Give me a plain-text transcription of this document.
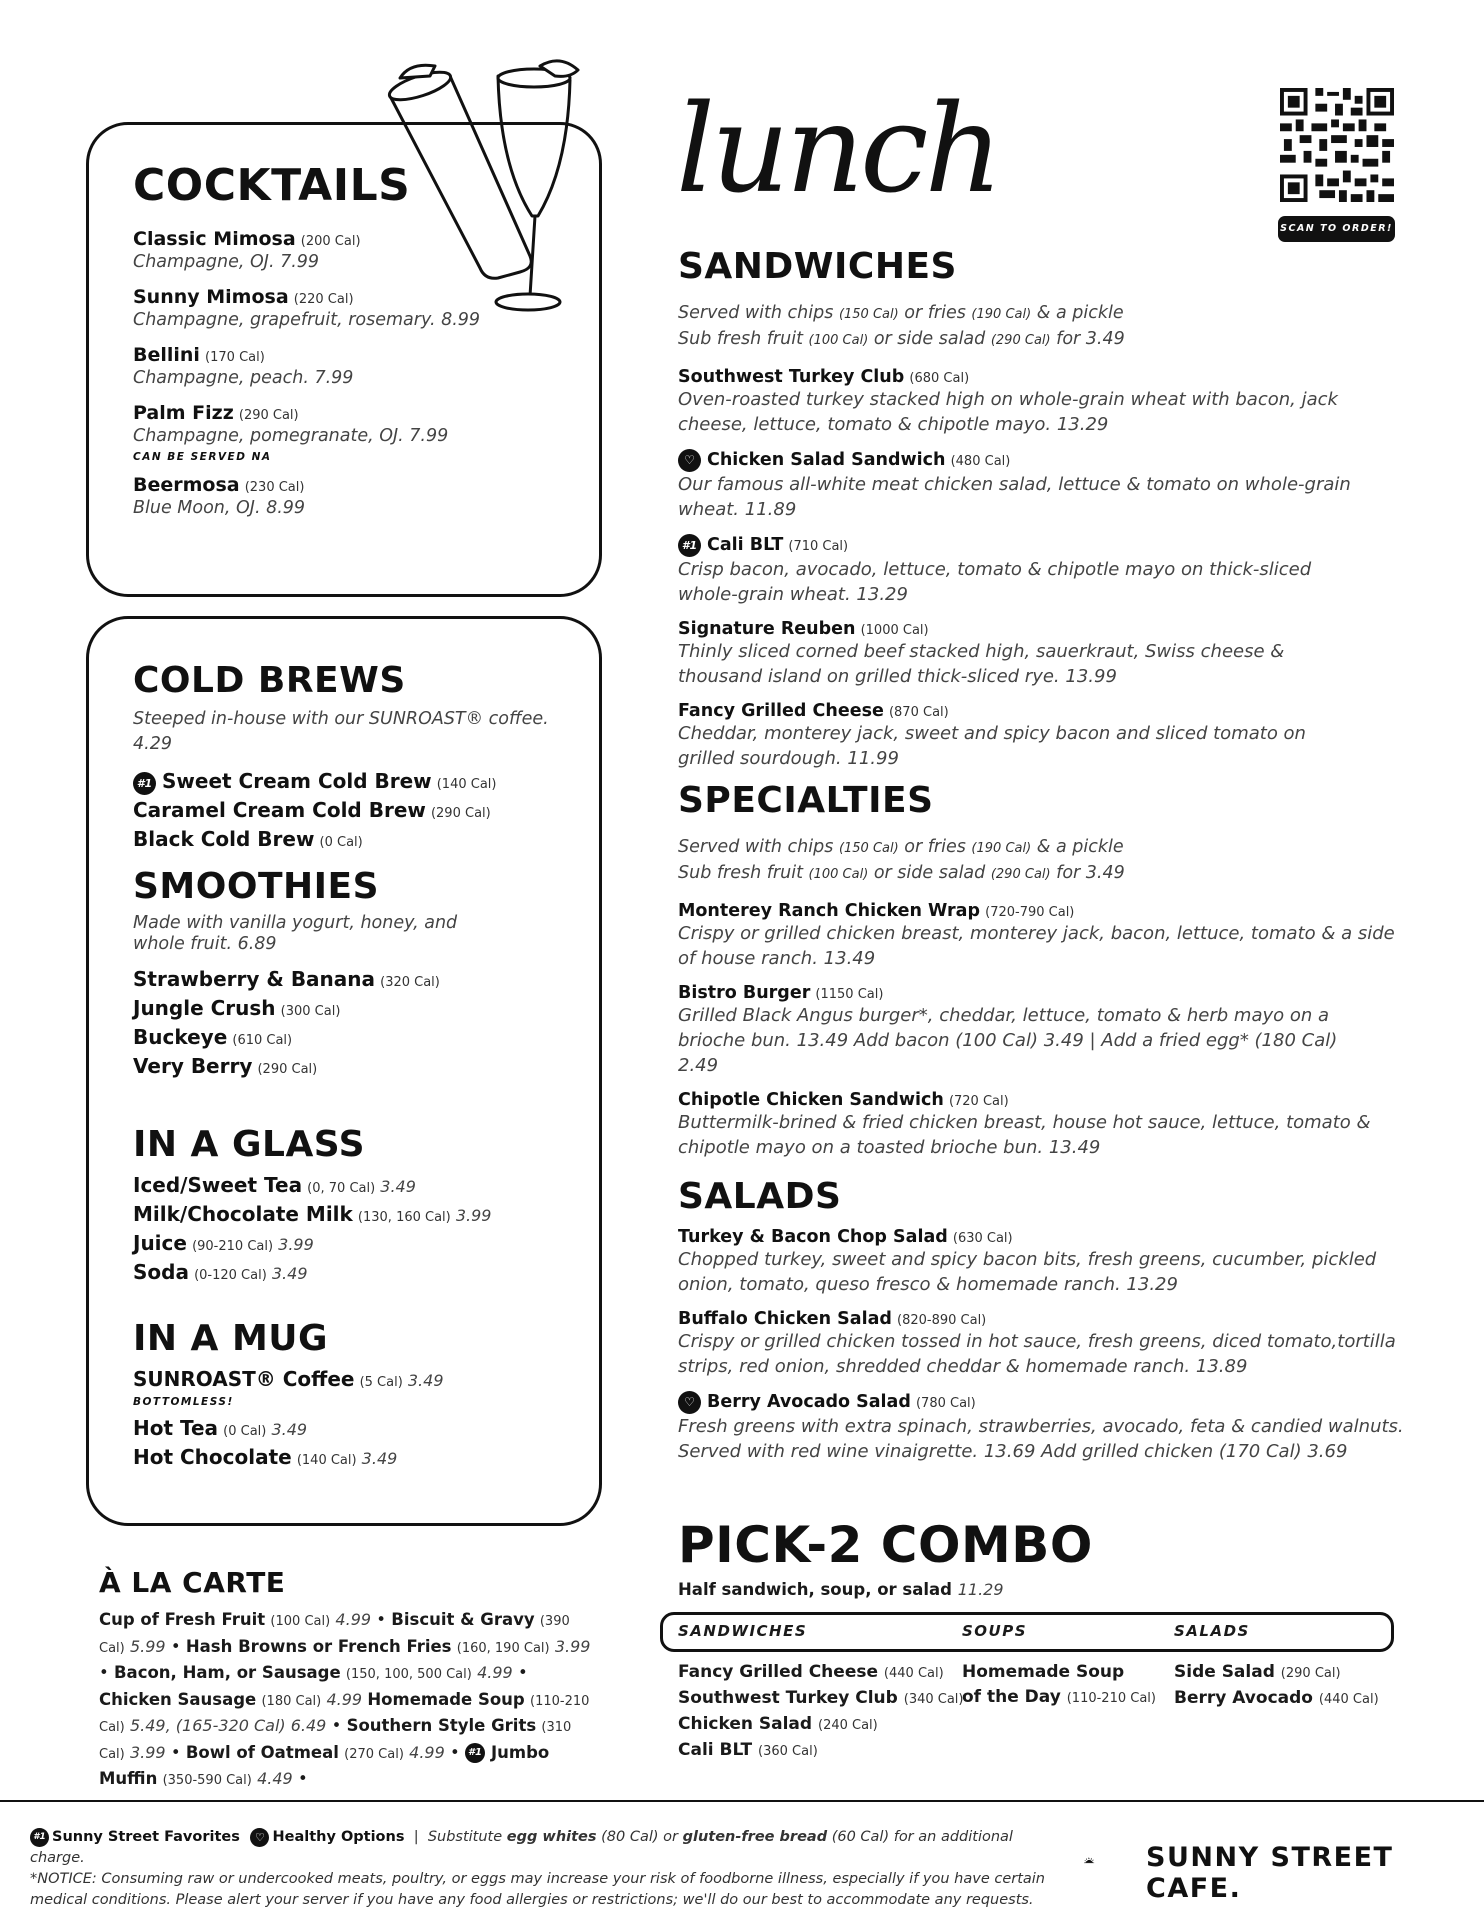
COCKTAILS
Classic Mimosa (200 Cal)
Champagne, OJ. 7.99
Sunny Mimosa (220 Cal)
Champagne, grapefruit, rosemary. 8.99
Bellini (170 Cal)
Champagne, peach. 7.99
Palm Fizz (290 Cal)
Champagne, pomegranate, OJ. 7.99
CAN BE SERVED NA
Beermosa (230 Cal)
Blue Moon, OJ. 8.99
COLD BREWS
Steeped in-house with our SUNROAST® coffee. 4.29
#1 Sweet Cream Cold Brew (140 Cal)
Caramel Cream Cold Brew (290 Cal)
Black Cold Brew (0 Cal)
SMOOTHIES
Made with vanilla yogurt, honey, and whole fruit. 6.89
Strawberry & Banana (320 Cal)
Jungle Crush (300 Cal)
Buckeye (610 Cal)
Very Berry (290 Cal)
IN A GLASS
Iced/Sweet Tea (0, 70 Cal) 3.49
Milk/Chocolate Milk (130, 160 Cal) 3.99
Juice (90-210 Cal) 3.99
Soda (0-120 Cal) 3.49
IN A MUG
SUNROAST® Coffee (5 Cal) 3.49
BOTTOMLESS!
Hot Tea (0 Cal) 3.49
Hot Chocolate (140 Cal) 3.49
lunch
SCAN TO ORDER!
SANDWICHES
Served with chips (150 Cal) or fries (190 Cal) & a pickle
Sub fresh fruit (100 Cal) or side salad (290 Cal) for 3.49
Southwest Turkey Club (680 Cal)
Oven-roasted turkey stacked high on whole-grain wheat with bacon, jack cheese, lettuce, tomato & chipotle mayo. 13.29
♡ Chicken Salad Sandwich (480 Cal)
Our famous all-white meat chicken salad, lettuce & tomato on whole-grain wheat. 11.89
#1 Cali BLT (710 Cal)
Crisp bacon, avocado, lettuce, tomato & chipotle mayo on thick-sliced whole-grain wheat. 13.29
Signature Reuben (1000 Cal)
Thinly sliced corned beef stacked high, sauerkraut, Swiss cheese & thousand island on grilled thick-sliced rye. 13.99
Fancy Grilled Cheese (870 Cal)
Cheddar, monterey jack, sweet and spicy bacon and sliced tomato on grilled sourdough. 11.99
SPECIALTIES
Served with chips (150 Cal) or fries (190 Cal) & a pickle
Sub fresh fruit (100 Cal) or side salad (290 Cal) for 3.49
Monterey Ranch Chicken Wrap (720-790 Cal)
Crispy or grilled chicken breast, monterey jack, bacon, lettuce, tomato & a side of house ranch. 13.49
Bistro Burger (1150 Cal)
Grilled Black Angus burger*, cheddar, lettuce, tomato & herb mayo on a brioche bun. 13.49 Add bacon (100 Cal) 3.49 | Add a fried egg* (180 Cal) 2.49
Chipotle Chicken Sandwich (720 Cal)
Buttermilk-brined & fried chicken breast, house hot sauce, lettuce, tomato & chipotle mayo on a toasted brioche bun. 13.49
SALADS
Turkey & Bacon Chop Salad (630 Cal)
Chopped turkey, sweet and spicy bacon bits, fresh greens, cucumber, pickled onion, tomato, queso fresco & homemade ranch. 13.29
Buffalo Chicken Salad (820-890 Cal)
Crispy or grilled chicken tossed in hot sauce, fresh greens, diced tomato,tortilla strips, red onion, shredded cheddar & homemade ranch. 13.89
♡ Berry Avocado Salad (780 Cal)
Fresh greens with extra spinach, strawberries, avocado, feta & candied walnuts. Served with red wine vinaigrette. 13.69 Add grilled chicken (170 Cal) 3.69
PICK-2 COMBO
Half sandwich, soup, or salad 11.29
SANDWICHES	SOUPS	SALADS
Fancy Grilled Cheese (440 Cal)
Southwest Turkey Club (340 Cal)
Chicken Salad (240 Cal)
Cali BLT (360 Cal)
Homemade Soup
of the Day (110-210 Cal)
Side Salad (290 Cal)
Berry Avocado (440 Cal)
À LA CARTE
Cup of Fresh Fruit (100 Cal) 4.99 • Biscuit & Gravy (390 Cal) 5.99 • Hash Browns or French Fries (160, 190 Cal) 3.99 • Bacon, Ham, or Sausage (150, 100, 500 Cal) 4.99 • Chicken Sausage (180 Cal) 4.99 Homemade Soup (110-210 Cal) 5.49, (165-320 Cal) 6.49 • Southern Style Grits (310 Cal) 3.99 • Bowl of Oatmeal (270 Cal) 4.99 • #1 Jumbo Muffin (350-590 Cal) 4.49 •
#1 Sunny Street Favorites ♡ Healthy Options  |  Substitute egg whites (80 Cal) or gluten-free bread (60 Cal) for an additional charge.
*NOTICE: Consuming raw or undercooked meats, poultry, or eggs may increase your risk of foodborne illness, especially if you have certain medical conditions. Please alert your server if you have any food allergies or restrictions; we'll do our best to accommodate any requests.
SUNNY STREET CAFE.
